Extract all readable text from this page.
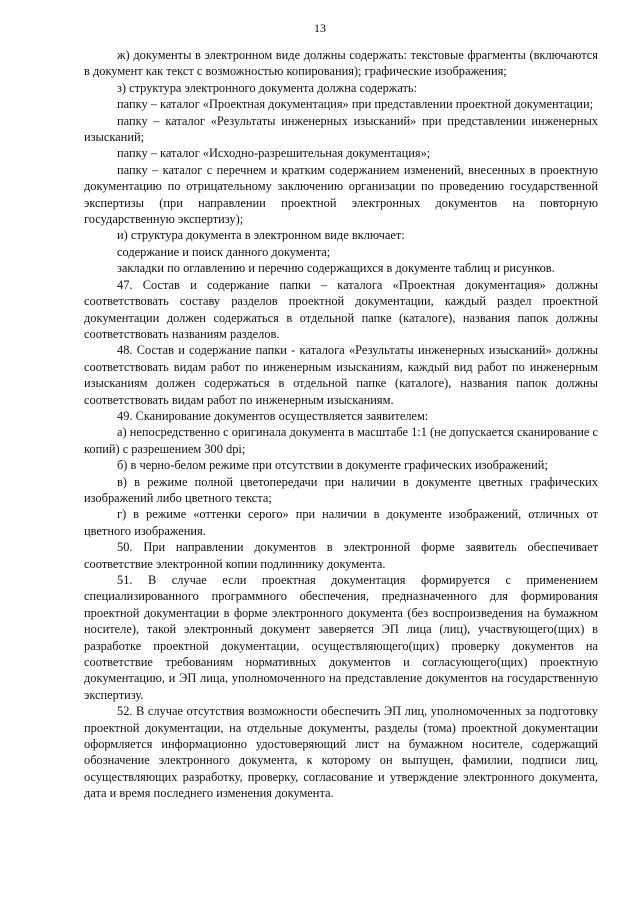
13

ж) документы в электронном виде должны содержать: текстовые фрагменты (включаются в документ как текст с возможностью копирования); графические изображения;

з) структура электронного документа должна содержать:

папку – каталог «Проектная документация» при представлении проектной документации;

папку – каталог «Результаты инженерных изысканий» при представлении инженерных изысканий;

папку – каталог «Исходно-разрешительная документация»;

папку – каталог с перечнем и кратким содержанием изменений, внесенных в проектную документацию по отрицательному заключению организации по проведению государственной экспертизы (при направлении проектной электронных документов на повторную государственную экспертизу);

и) структура документа в электронном виде включает:

содержание и поиск данного документа;

закладки по оглавлению и перечню содержащихся в документе таблиц и рисунков.

47. Состав и содержание папки – каталога «Проектная документация» должны соответствовать составу разделов проектной документации, каждый раздел проектной документации должен содержаться в отдельной папке (каталоге), названия папок должны соответствовать названиям разделов.

48. Состав и содержание папки - каталога «Результаты инженерных изысканий» должны соответствовать видам работ по инженерным изысканиям, каждый вид работ по инженерным изысканиям должен содержаться в отдельной папке (каталоге), названия папок должны соответствовать видам работ по инженерным изысканиям.

49. Сканирование документов осуществляется заявителем:

а) непосредственно с оригинала документа в масштабе 1:1 (не допускается сканирование с копий) с разрешением 300 dpi;

б) в черно-белом режиме при отсутствии в документе графических изображений;

в) в режиме полной цветопередачи при наличии в документе цветных графических изображений либо цветного текста;

г) в режиме «оттенки серого» при наличии в документе изображений, отличных от цветного изображения.

50. При направлении документов в электронной форме заявитель обеспечивает соответствие электронной копии подлиннику документа.

51. В случае если проектная документация формируется с применением специализированного программного обеспечения, предназначенного для формирования проектной документации в форме электронного документа (без воспроизведения на бумажном носителе), такой электронный документ заверяется ЭП лица (лиц), участвующего(щих) в разработке проектной документации, осуществляющего(щих) проверку документов на соответствие требованиям нормативных документов и согласующего(щих) проектную документацию, и ЭП лица, уполномоченного на представление документов на государственную экспертизу.

52. В случае отсутствия возможности обеспечить ЭП лиц, уполномоченных за подготовку проектной документации, на отдельные документы, разделы (тома) проектной документации оформляется информационно удостоверяющий лист на бумажном носителе, содержащий обозначение электронного документа, к которому он выпущен, фамилии, подписи лиц, осуществляющих разработку, проверку, согласование и утверждение электронного документа, дата и время последнего изменения документа.
